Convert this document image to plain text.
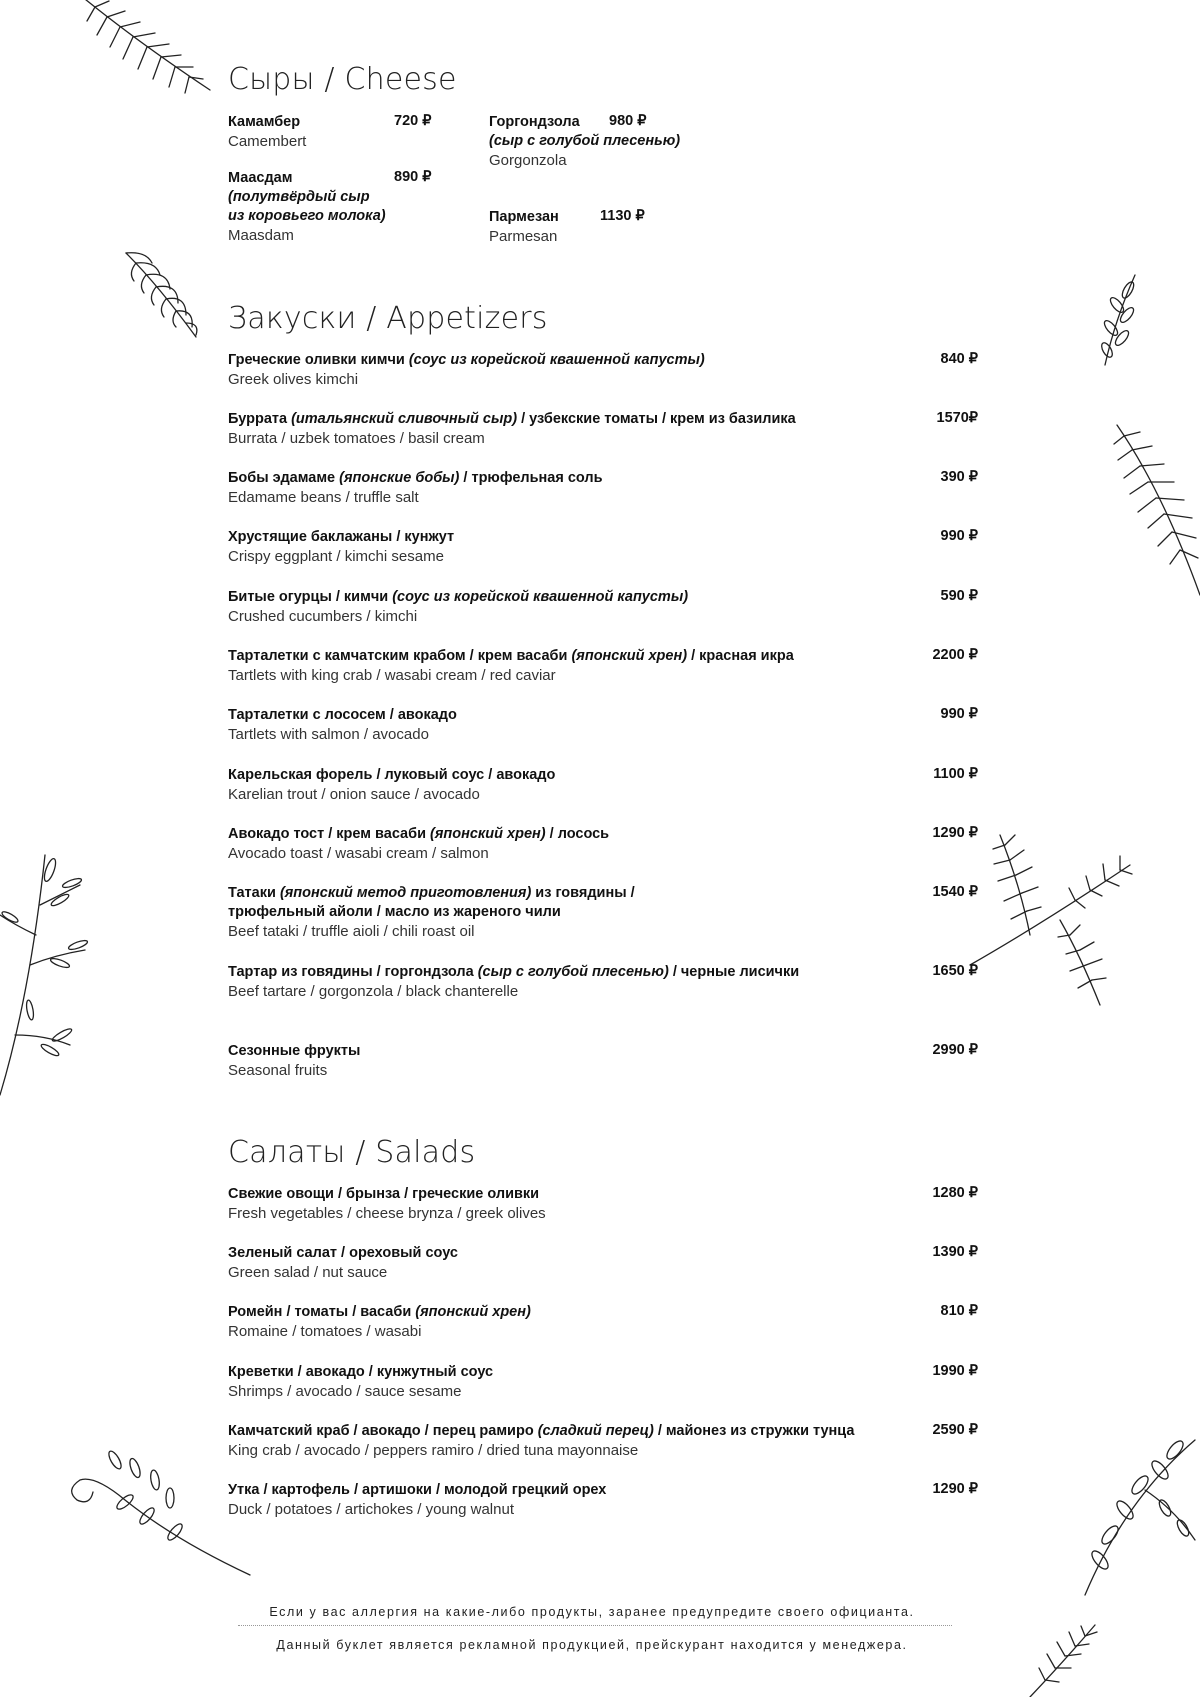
Сыры / Cheese
Камамбер
Camembert
720 ₽
Маасдам
(полутвёрдый сыр
из коровьего молока)
Maasdam
890 ₽
Горгондзола
(сыр с голубой плесенью)
Gorgonzola
980 ₽
Пармезан
Parmesan
1130 ₽
Закуски / Appetizers
Греческие оливки кимчи (соус из корейской квашенной капусты)
Greek olives kimchi
840 ₽
Буррата (итальянский сливочный сыр) / узбекские томаты / крем из базилика
Burrata / uzbek tomatoes / basil cream
1570₽
Бобы эдамаме (японские бобы) / трюфельная соль
Edamame beans / truffle salt
390 ₽
Хрустящие баклажаны / кунжут
Crispy eggplant / kimchi sesame
990 ₽
Битые огурцы / кимчи (соус из корейской квашенной капусты)
Crushed cucumbers / kimchi
590 ₽
Тарталетки с камчатским крабом / крем васаби (японский хрен) / красная икра
Tartlets with king crab / wasabi cream / red caviar
2200 ₽
Тарталетки с лососем / авокадо
Tartlets with salmon / avocado
990 ₽
Карельская форель / луковый соус / авокадо
Karelian trout / onion sauce / avocado
1100 ₽
Авокадо тост / крем васаби (японский хрен) / лосось
Avocado toast / wasabi cream / salmon
1290 ₽
Татаки (японский метод приготовления) из говядины /
трюфельный айоли / масло из жареного чили
Beef tataki / truffle aioli / chili roast oil
1540 ₽
Тартар из говядины / горгондзола (сыр с голубой плесенью) / черные лисички
Beef tartare / gorgonzola / black chanterelle
1650 ₽
Сезонные фрукты
Seasonal fruits
2990 ₽
Салаты / Salads
Свежие овощи / брынза / греческие оливки
Fresh vegetables / cheese brynza / greek olives
1280 ₽
Зеленый салат / ореховый соус
Green salad / nut sauce
1390 ₽
Ромейн / томаты / васаби (японский хрен)
Romaine / tomatoes / wasabi
810 ₽
Креветки / авокадо / кунжутный соус
Shrimps / avocado / sauce sesame
1990 ₽
Камчатский краб / авокадо / перец рамиро (сладкий перец) / майонез из стружки тунца
King crab / avocado / peppers ramiro / dried tuna mayonnaise
2590 ₽
Утка / картофель / артишоки / молодой грецкий орех
Duck / potatoes / artichokes / young walnut
1290 ₽
Если у вас аллергия на какие-либо продукты, заранее предупредите своего официанта.
Данный буклет является рекламной продукцией, прейскурант находится у менеджера.
